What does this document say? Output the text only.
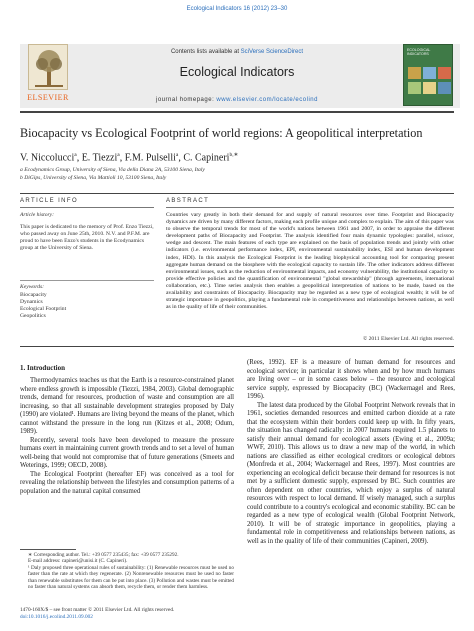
Ecological Indicators 16 (2012) 23–30
ELSEVIER
Contents lists available at SciVerse ScienceDirect
Ecological Indicators
journal homepage: www.elsevier.com/locate/ecolind
ECOLOGICAL INDICATORS
Biocapacity vs Ecological Footprint of world regions: A geopolitical interpretation
V. Niccolucci$^a$, E. Tiezzi$^a$, F.M. Pulselli$^a$, C. Capineri$^{b,∗}$
a Ecodynamics Group, University of Siena, Via della Diana 2A, 53100 Siena, Italy
b DiGips, University of Siena, Via Mattioli 10, 53100 Siena, Italy
ARTICLE INFO
Article history:
This paper is dedicated to the memory of Prof. Enzo Tiezzi, who passed away on June 25th, 2010. N.V. and P.F.M. are proud to have been Enzo's students in the Ecodynamics group at the University of Siena.
Keywords:
Biocapacity
Dynamics
Ecological Footprint
Geopolitics
ABSTRACT
Countries vary greatly in both their demand for and supply of natural resources over time. Footprint and Biocapacity dynamics are driven by many different factors, making each profile unique and complex to explain. The aim of this paper was to observe the temporal trends for most of the world's nations between 1961 and 2007, in order to appraise the different development paths of Biocapacity and Footprint. The analysis identified four main dynamic typologies: parallel, scissor, wedge and descent. The main features of each type are explained on the basis of population trends and jointly with other indicators (i.e. environmental performance index, EPI, environmental sustainability index, ESI and human development index, HDI). In this analysis the Ecological Footprint is the leading biophysical accounting tool for comparing present aggregate human demand on the biosphere with the ecological capacity to sustain life. The other indicators address different environmental issues, such as the reduction of environmental impacts, and economy vulnerability, the institutional capacity to provide effective policies and the quantification of environmental "global stewardship" (through agreements, international collaboration, etc.). Time series analysis then enables a geopolitical interpretation of nations to be made, based on the availability and constraints of Biocapacity. Biocapacity may be regarded as a new type of ecological wealth; it will be of strategic importance in geopolitics, playing a fundamental role in competitiveness and relationships between nations, as well as in the quality of life of their communities.
© 2011 Elsevier Ltd. All rights reserved.
1. Introduction

Thermodynamics teaches us that the Earth is a resource-constrained planet where endless growth is impossible (Tiezzi, 1984, 2003). Global demographic trends, demand for resources, production of waste and consumption are all increasing, so that all sustainable development strategies proposed by Daly (1990) are violated¹. Humans are living beyond the means of the planet, which cannot withstand the pressure in the long run (Kitzes et al., 2008; Odum, 1989).

Recently, several tools have been developed to measure the pressure humans exert in maintaining current growth trends and to set a level of human well-being that would not compromise that of future generations (Smeets and Weterings, 1999; OECD, 2008).

The Ecological Footprint (hereafter EF) was conceived as a tool for revealing the relationship between the lifestyles and consumption patterns of a population and the natural capital consumed

(Rees, 1992). EF is a measure of human demand for resources and ecological service; in particular it shows when and by how much humans are living over – or in some cases below – the resource and ecological service supply, expressed by Biocapacity (BC) (Wackernagel and Rees, 1996).

The latest data produced by the Global Footprint Network reveals that in 1961, societies demanded resources and emitted carbon dioxide at a rate that the ecosystem within their borders could keep up with. In fifty years, the situation has changed radically: in 2007 humans required 1.5 planets to satisfy their annual demand for ecological assets (Ewing et al., 2009a; WWF, 2010). This allows us to draw a new map of the world, in which nations are classified as either ecological creditors or ecological debtors (Monfreda et al., 2004; Wackernagel and Rees, 1997). Most countries are experiencing an ecological deficit because their demand for resources is not met by a sufficient domestic supply, expressed by BC. Such countries are often dependent on other countries, which enjoy a surplus of natural resources with respect to local demand. If wisely managed, such a surplus could contribute to a country's ecological and economic stability. BC can be regarded as a new type of ecological wealth (Global Footprint Network, 2010). It will be of strategic importance in geopolitics, playing a fundamental role in competitiveness and relationships between nations, as well as in the quality of life of their communities (Capineri, 2009).

∗ Corresponding author. Tel.: +39 0577 235435; fax: +39 0577 235292.
E-mail address: capineri@unisi.it (C. Capineri).
¹ Daly proposed three operational rules of sustainability: (1) Renewable resources must be used no faster than the rate at which they regenerate. (2) Nonrenewable resources must be used no faster than renewable substitutes for them can be put into place. (3) Pollution and wastes must be emitted no faster than natural systems can absorb them, recycle them, or render them harmless.
1470-160X/$ – see front matter © 2011 Elsevier Ltd. All rights reserved.
doi:10.1016/j.ecolind.2011.09.002
